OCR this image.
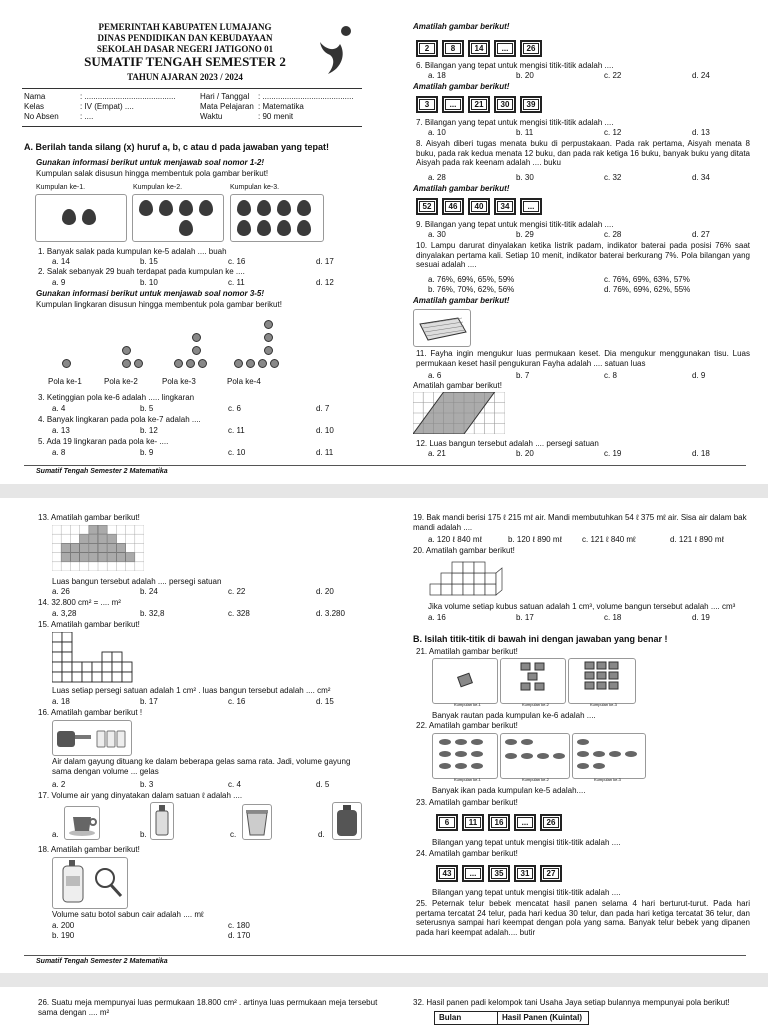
PEMERINTAH KABUPATEN LUMAJANG
DINAS PENDIDIKAN DAN KEBUDAYAAN
SEKOLAH DASAR NEGERI JATIGONO 01
SUMATIF TENGAH SEMESTER 2
TAHUN AJARAN 2023 / 2024
Nama	: .........................................
Kelas	: IV (Empat) ....
No Absen	: ....
Hari / Tanggal	: .........................................
Mata Pelajaran : Matematika
Waktu	: 90 menit
A. Berilah tanda silang (x) huruf a, b, c atau d pada jawaban yang tepat!
Gunakan informasi berikut untuk menjawab soal nomor 1-2!
Kumpulan salak disusun hingga membentuk pola gambar berikut!
Kumpulan ke-1.	Kumpulan ke-2.	Kumpulan ke-3.
1. Banyak salak pada kumpulan ke-5 adalah .... buah
a. 14	b. 15	c. 16	d. 17
2. Salak sebanyak 29 buah terdapat pada kumpulan ke ....
a. 9	b. 10	c. 11	d. 12
Gunakan informasi berikut untuk menjawab soal nomor 3-5!
Kumpulan lingkaran disusun hingga membentuk pola gambar berikut!
Pola ke-1	Pola ke-2	Pola ke-3	Pola ke-4
3. Ketinggian pola ke-6 adalah ..... lingkaran
a. 4	b. 5	c. 6	d. 7
4. Banyak lingkaran pada pola ke-7 adalah ....
a. 13	b. 12	c. 11	d. 10
5. Ada 19 lingkaran pada pola ke- ....
a. 8	b. 9	c. 10	d. 11
Amatilah gambar berikut!
2	8	14	...	26
6. Bilangan yang tepat untuk mengisi titik-titik adalah ....
a. 18	b. 20	c. 22	d. 24
Amatilah gambar berikut!
3	...	21	30	39
7. Bilangan yang tepat untuk mengisi titik-titik adalah ....
a. 10	b. 11	c. 12	d. 13
8. Aisyah diberi tugas menata buku di perpustakaan. Pada rak pertama, Aisyah menata 8 buku, pada rak kedua menata 12 buku, dan pada rak ketiga 16 buku, banyak buku yang ditata Aisyah pada rak keenam adalah .... buku
a. 28	b. 30	c. 32	d. 34
Amatilah gambar berikut!
52	46	40	34	...
9. Bilangan yang tepat untuk mengisi titik-titik adalah ....
a. 30	b. 29	c. 28	d. 27
10. Lampu darurat dinyalakan ketika listrik padam, indikator baterai pada posisi 76% saat dinyalakan pertama kali. Setiap 10 menit, indikator baterai berkurang 7%. Pola bilangan yang sesuai adalah ....
a. 76%, 69%, 65%, 59%	c. 76%, 69%, 63%, 57%
b. 76%, 70%, 62%, 56%	d. 76%, 69%, 62%, 55%
Amatilah gambar berikut!
11. Fayha ingin mengukur luas permukaan keset. Dia mengukur menggunakan tisu. Luas permukaan keset hasil pengukuran Fayha adalah .... satuan luas
a. 6	b. 7	c. 8	d. 9
Amatilah gambar berikut!
12. Luas bangun tersebut adalah .... persegi satuan
a. 21	b. 20	c. 19	d. 18
Sumatif Tengah Semester 2 Matematika
13. Amatilah gambar berikut!
Luas bangun tersebut adalah .... persegi satuan
a. 26	b. 24	c. 22	d. 20
14. 32.800 cm² = .... m²
a. 3,28	b. 32,8	c. 328	d. 3.280
15. Amatilah gambar berikut!
Luas setiap persegi satuan adalah 1 cm² . luas bangun tersebut adalah .... cm²
a. 18	b. 17	c. 16	d. 15
16. Amatilah gambar berikut !
Air dalam gayung dituang ke dalam beberapa gelas sama rata. Jadi, volume gayung sama dengan volume ... gelas
a. 2	b. 3	c. 4	d. 5
17. Volume air yang dinyatakan dalam satuan ℓ adalah ....
a.	b.	c.	d.
18. Amatilah gambar berikut!
Volume satu botol sabun cair adalah .... mℓ
a. 200	c. 180
b. 190	d. 170
19. Bak mandi berisi 175 ℓ 215 mℓ air. Mandi membutuhkan 54 ℓ 375 mℓ air. Sisa air dalam bak mandi adalah ....
a. 120 ℓ 840 mℓ	b. 120 ℓ 890 mℓ	c. 121 ℓ 840 mℓ	d. 121 ℓ 890 mℓ
20. Amatilah gambar berikut!
Jika volume setiap kubus satuan adalah 1 cm³, volume bangun tersebut adalah .... cm³
a. 16	b. 17	c. 18	d. 19
B. Isilah titik-titik di bawah ini dengan jawaban yang benar !
21. Amatilah gambar berikut!
Kumpulan ke-1	Kumpulan ke-2	Kumpulan ke-3
Banyak rautan pada kumpulan ke-6 adalah ....
22. Amatilah gambar berikut!
Kumpulan ke-1	Kumpulan ke-2	Kumpulan ke-3
Banyak ikan pada kumpulan ke-5 adalah....
23. Amatilah gambar berikut!
6	11	16	...	26
Bilangan yang tepat untuk mengisi titik-titik adalah ....
24. Amatilah gambar berikut!
43	...	35	31	27
Bilangan yang tepat untuk mengisi titik-titik adalah ....
25. Peternak telur bebek mencatat hasil panen selama 4 hari berturut-turut. Pada hari pertama tercatat 24 telur, pada hari kedua 30 telur, dan pada hari ketiga tercatat 36 telur, dan seterusnya sampai hari keempat dengan pola yang sama. Banyak telur bebek yang dipanen pada hari keempat adalah.... butir
Sumatif Tengah Semester 2 Matematika
26. Suatu meja mempunyai luas permukaan 18.800 cm² . artinya luas permukaan meja tersebut sama dengan .... m²
32. Hasil panen padi kelompok tani Usaha Jaya setiap bulannya mempunyai pola berikut!
Bulan	Hasil Panen (Kuintal)
